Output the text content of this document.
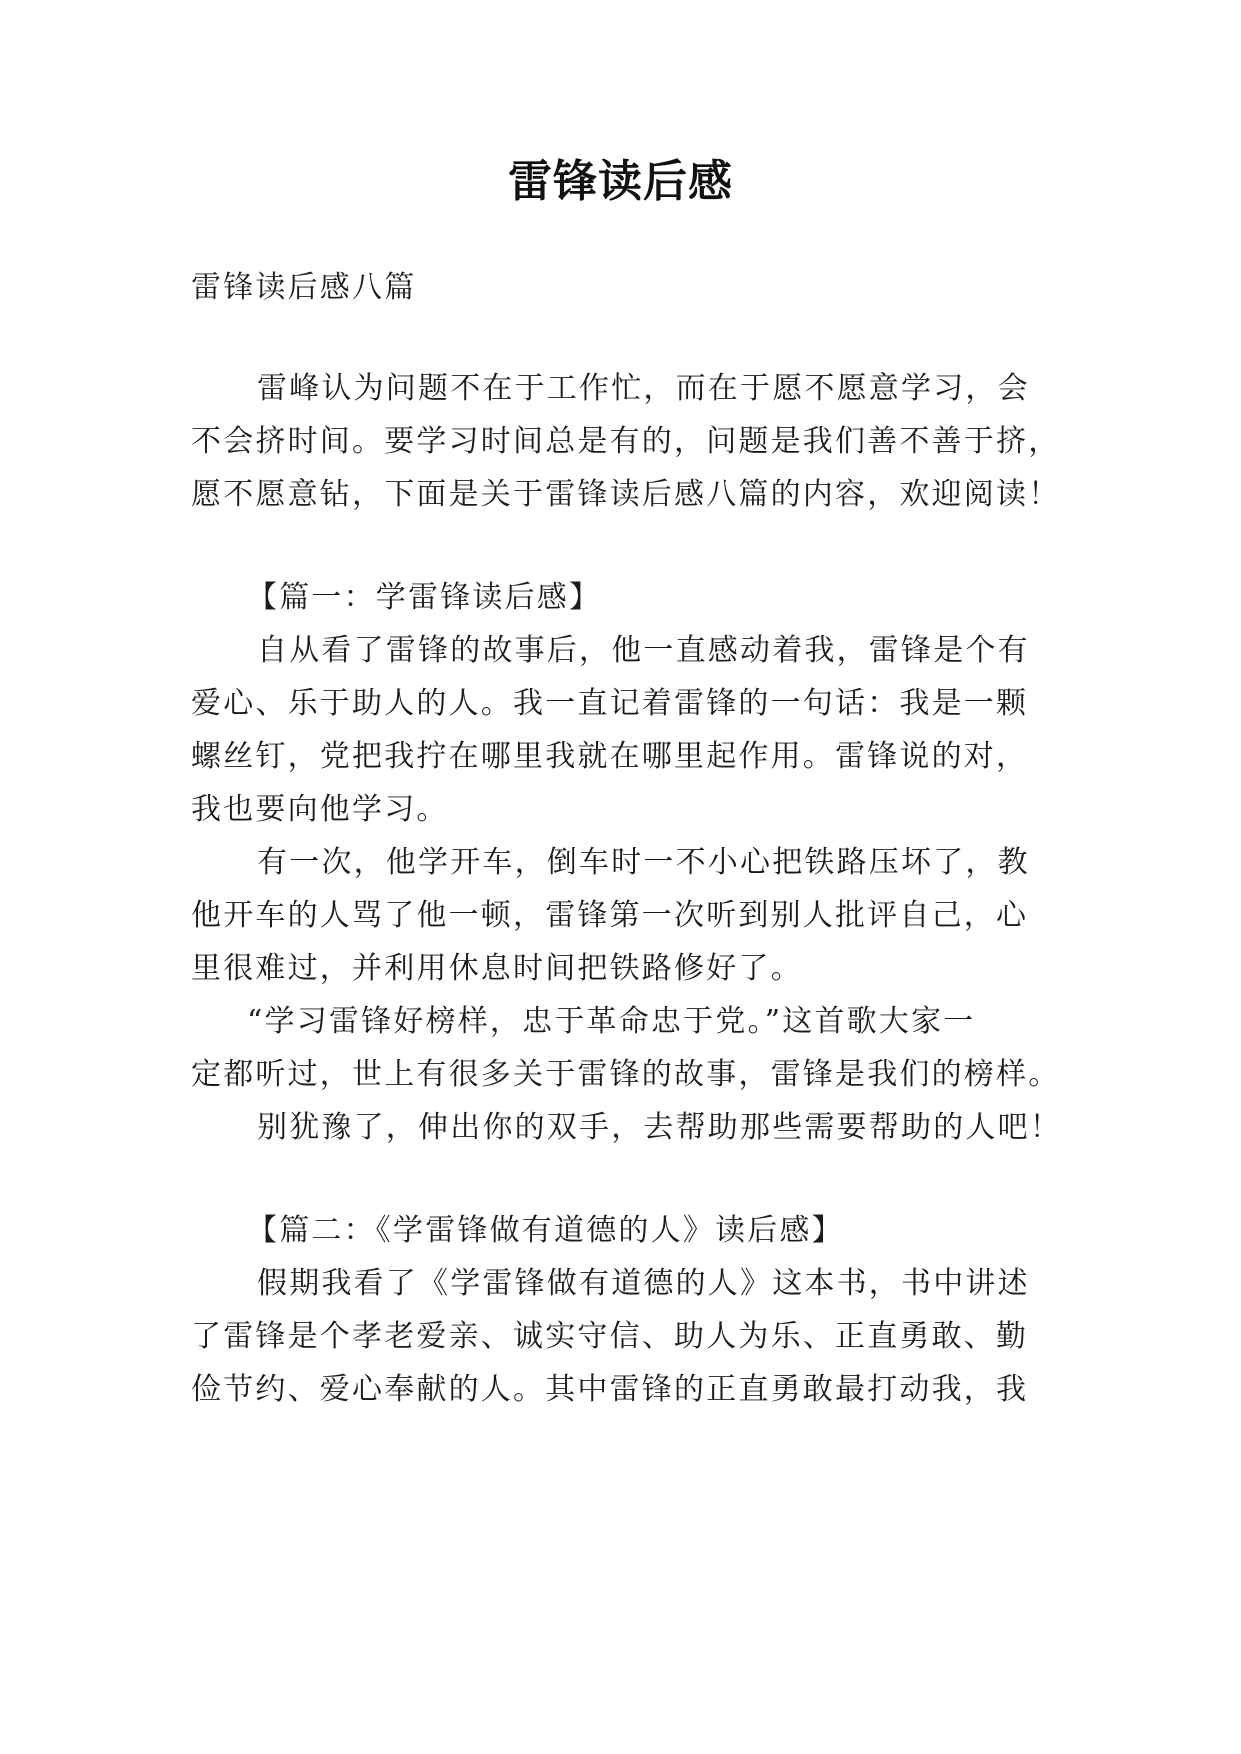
雷锋读后感
雷锋读后感八篇
雷峰认为问题不在于工作忙，而在于愿不愿意学习，会
不会挤时间。要学习时间总是有的，问题是我们善不善于挤，
愿不愿意钻，下面是关于雷锋读后感八篇的内容，欢迎阅读！
【篇一：学雷锋读后感】
自从看了雷锋的故事后，他一直感动着我，雷锋是个有
爱心、乐于助人的人。我一直记着雷锋的一句话：我是一颗
螺丝钉，党把我拧在哪里我就在哪里起作用。雷锋说的对，
我也要向他学习。
有一次，他学开车，倒车时一不小心把铁路压坏了，教
他开车的人骂了他一顿，雷锋第一次听到别人批评自己，心
里很难过，并利用休息时间把铁路修好了。
“学习雷锋好榜样，忠于革命忠于党。”这首歌大家一
定都听过，世上有很多关于雷锋的故事，雷锋是我们的榜样。
别犹豫了，伸出你的双手，去帮助那些需要帮助的人吧！
【篇二：《学雷锋做有道德的人》读后感】
假期我看了《学雷锋做有道德的人》这本书，书中讲述
了雷锋是个孝老爱亲、诚实守信、助人为乐、正直勇敢、勤
俭节约、爱心奉献的人。其中雷锋的正直勇敢最打动我，我
